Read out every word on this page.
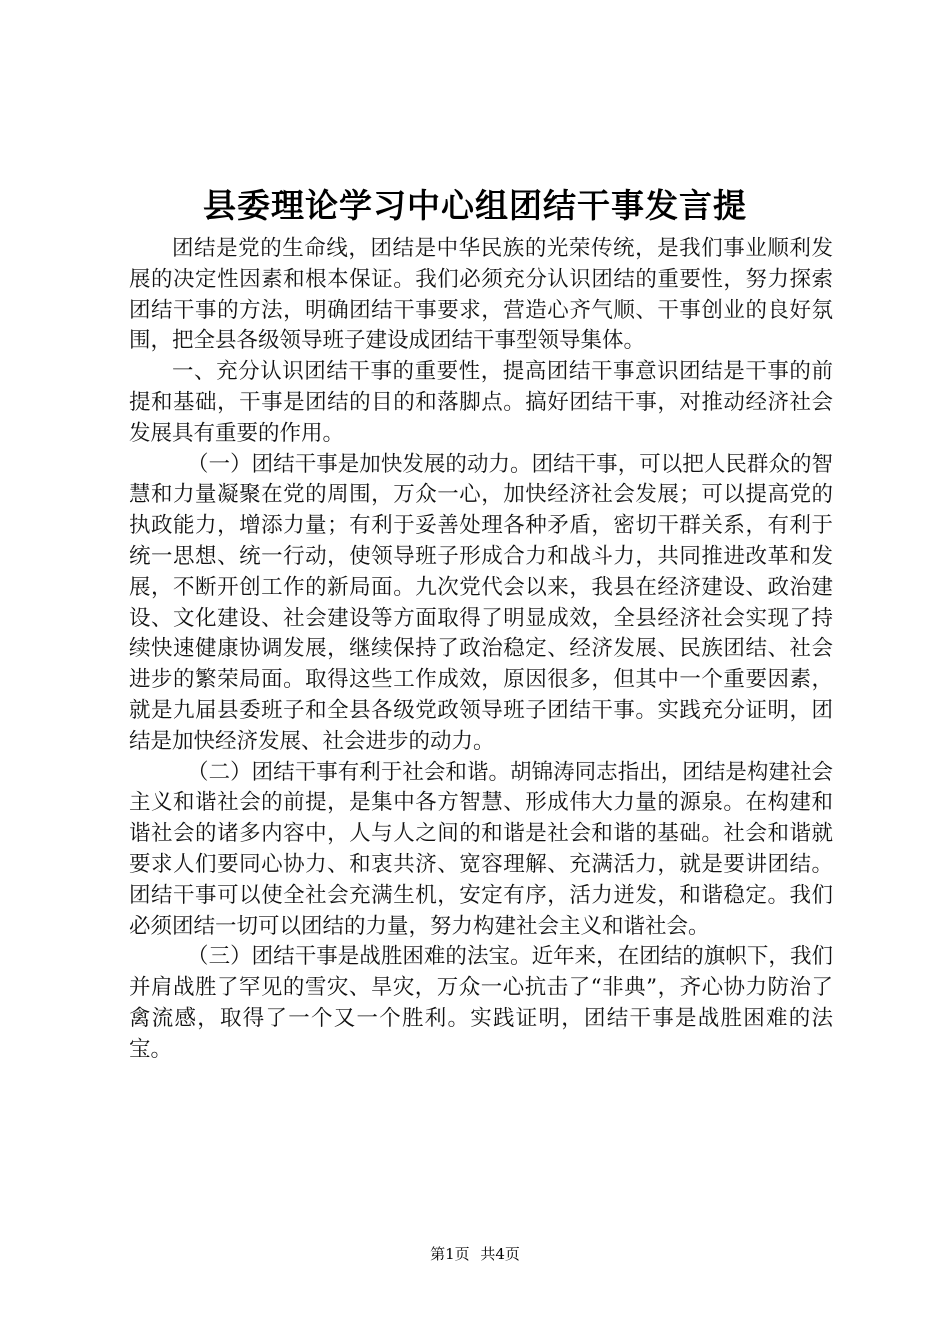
县委理论学习中心组团结干事发言提

团结是党的生命线，团结是中华民族的光荣传统，是我们事业顺利发展的决定性因素和根本保证。我们必须充分认识团结的重要性，努力探索团结干事的方法，明确团结干事要求，营造心齐气顺、干事创业的良好氛围，把全县各级领导班子建设成团结干事型领导集体。

一、充分认识团结干事的重要性，提高团结干事意识团结是干事的前提和基础，干事是团结的目的和落脚点。搞好团结干事，对推动经济社会发展具有重要的作用。

（一）团结干事是加快发展的动力。团结干事，可以把人民群众的智慧和力量凝聚在党的周围，万众一心，加快经济社会发展；可以提高党的执政能力，增添力量；有利于妥善处理各种矛盾，密切干群关系，有利于统一思想、统一行动，使领导班子形成合力和战斗力，共同推进改革和发展，不断开创工作的新局面。九次党代会以来，我县在经济建设、政治建设、文化建设、社会建设等方面取得了明显成效，全县经济社会实现了持续快速健康协调发展，继续保持了政治稳定、经济发展、民族团结、社会进步的繁荣局面。取得这些工作成效，原因很多，但其中一个重要因素，就是九届县委班子和全县各级党政领导班子团结干事。实践充分证明，团结是加快经济发展、社会进步的动力。

（二）团结干事有利于社会和谐。胡锦涛同志指出，团结是构建社会主义和谐社会的前提，是集中各方智慧、形成伟大力量的源泉。在构建和谐社会的诸多内容中，人与人之间的和谐是社会和谐的基础。社会和谐就要求人们要同心协力、和衷共济、宽容理解、充满活力，就是要讲团结。团结干事可以使全社会充满生机，安定有序，活力迸发，和谐稳定。我们必须团结一切可以团结的力量，努力构建社会主义和谐社会。

（三）团结干事是战胜困难的法宝。近年来，在团结的旗帜下，我们并肩战胜了罕见的雪灾、旱灾，万众一心抗击了“非典”，齐心协力防治了禽流感，取得了一个又一个胜利。实践证明，团结干事是战胜困难的法宝。

第1页 共4页
